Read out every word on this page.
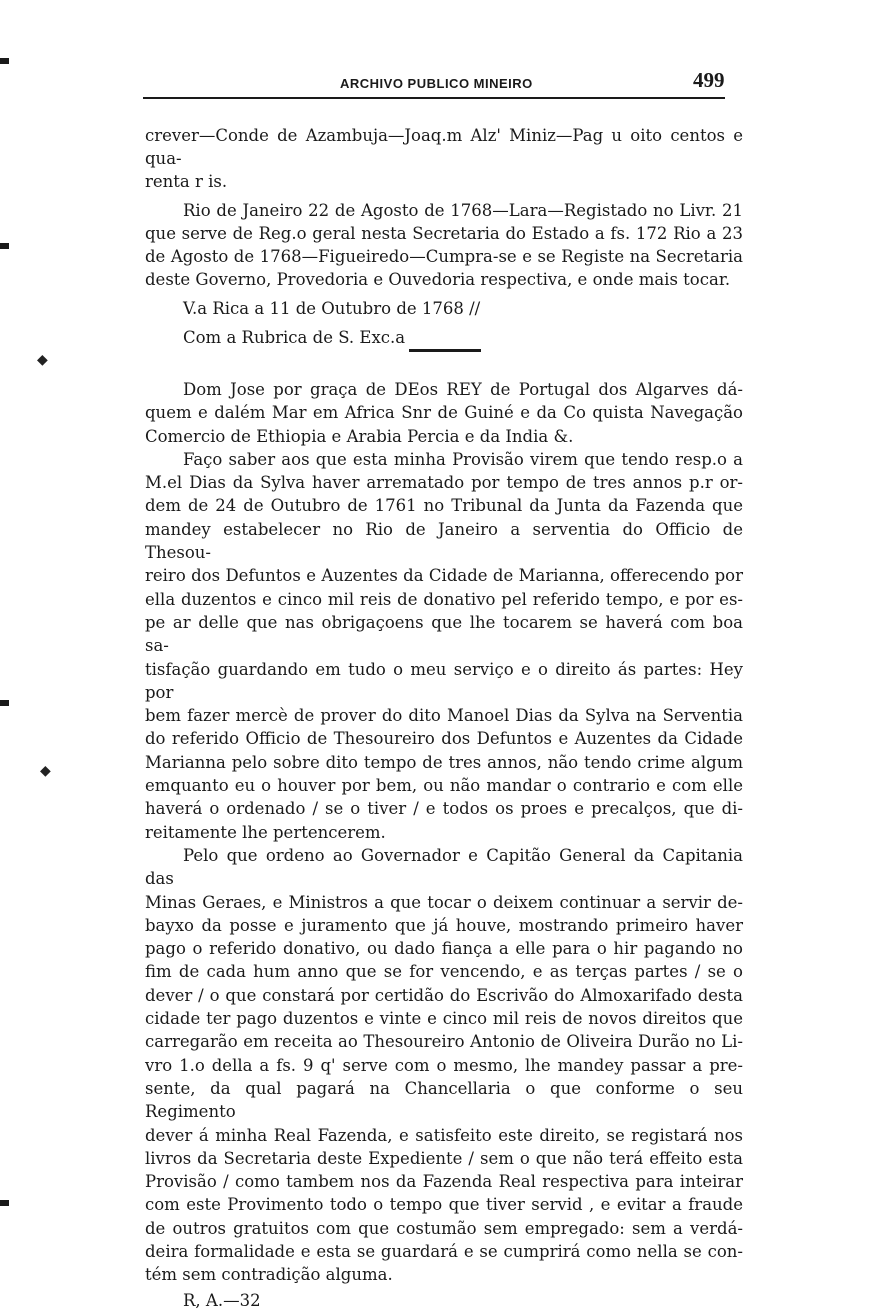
◆
◆
ARCHIVO PUBLICO MINEIRO	499
crever—Conde de Azambuja—Joaq.m Alz' Miniz—Pag u oito centos e qua-
renta r is.
Rio de Janeiro 22 de Agosto de 1768—Lara—Registado no Livr. 21
que serve de Reg.o geral nesta Secretaria do Estado a fs. 172 Rio a 23
de Agosto de 1768—Figueiredo—Cumpra-se e se Registe na Secretaria
deste Governo, Provedoria e Ouvedoria respectiva, e onde mais tocar.
V.a Rica a 11 de Outubro de 1768 //
Com a Rubrica de S. Exc.a
Dom Jose por graça de DEos REY de Portugal dos Algarves dá-
quem e dalém Mar em Africa Snr de Guiné e da Co quista Navegação
Comercio de Ethiopia e Arabia Percia e da India &.
Faço saber aos que esta minha Provisão virem que tendo resp.o a
M.el Dias da Sylva haver arrematado por tempo de tres annos p.r or-
dem de 24 de Outubro de 1761 no Tribunal da Junta da Fazenda que
mandey estabelecer no Rio de Janeiro a serventia do Officio de Thesou-
reiro dos Defuntos e Auzentes da Cidade de Marianna, offerecendo por
ella duzentos e cinco mil reis de donativo pel referido tempo, e por es-
pe ar delle que nas obrigaçoens que lhe tocarem se haverá com boa sa-
tisfação guardando em tudo o meu serviço e o direito ás partes: Hey por
bem fazer mercè de prover do dito Manoel Dias da Sylva na Serventia
do referido Officio de Thesoureiro dos Defuntos e Auzentes da Cidade
Marianna pelo sobre dito tempo de tres annos, não tendo crime algum
emquanto eu o houver por bem, ou não mandar o contrario e com elle
haverá o ordenado / se o tiver / e todos os proes e precalços, que di-
reitamente lhe pertencerem.
Pelo que ordeno ao Governador e Capitão General da Capitania das
Minas Geraes, e Ministros a que tocar o deixem continuar a servir de-
bayxo da posse e juramento que já houve, mostrando primeiro haver
pago o referido donativo, ou dado fiança a elle para o hir pagando no
fim de cada hum anno que se for vencendo, e as terças partes / se o
dever / o que constará por certidão do Escrivão do Almoxarifado desta
cidade ter pago duzentos e vinte e cinco mil reis de novos direitos que
carregarão em receita ao Thesoureiro Antonio de Oliveira Durão no Li-
vro 1.o della a fs. 9 q' serve com o mesmo, lhe mandey passar a pre-
sente, da qual pagará na Chancellaria o que conforme o seu Regimento
dever á minha Real Fazenda, e satisfeito este direito, se registará nos
livros da Secretaria deste Expediente / sem o que não terá effeito esta
Provisão / como tambem nos da Fazenda Real respectiva para inteirar
com este Provimento todo o tempo que tiver servid , e evitar a fraude
de outros gratuitos com que costumão sem empregado: sem a verdá-
deira formalidade e esta se guardará e se cumprirá como nella se con-
tém sem contradição alguma.
R, A.—32
